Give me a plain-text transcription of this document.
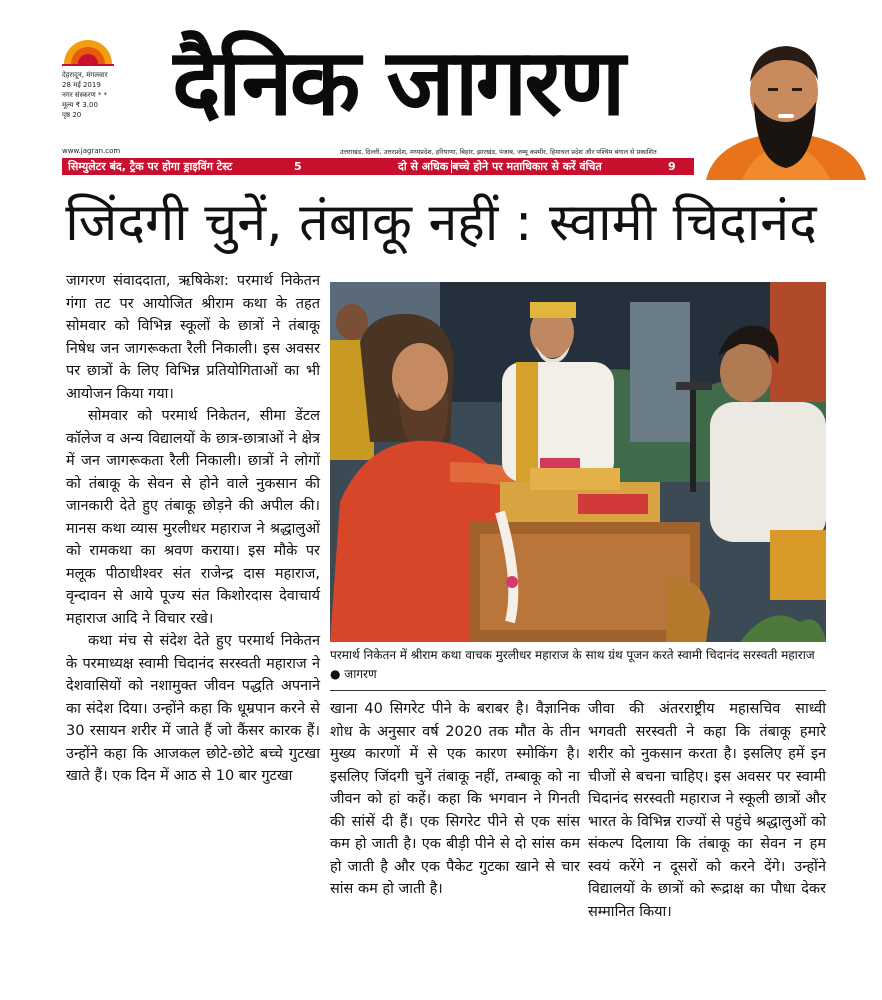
देहरादून, मंगलवार
28 मई 2019
नगर संस्करण * *
मूल्य ₹ 3.00
पृष्ठ 20 दैनिक जागरण
www.jagran.com	उत्तराखंड, दिल्ली, उत्तरप्रदेश, मध्यप्रदेश, हरियाणा, बिहार, झारखंड, पंजाब, जम्मू कश्मीर, हिमाचल प्रदेश और पश्चिम बंगाल से प्रकाशित
सिम्युलेटर बंद, ट्रैक पर होगा ड्राइविंग टेस्ट	5	दो से अधिक बच्चे होने पर मताधिकार से करें वंचित	9
जिंदगी चुनें, तंबाकू नहीं : स्वामी चिदानंद

जागरण संवाददाता, ऋषिकेश: परमार्थ निकेतन गंगा तट पर आयोजित श्रीराम कथा के तहत सोमवार को विभिन्न स्कूलों के छात्रों ने तंबाकू निषेध जन जागरूकता रैली निकाली। इस अवसर पर छात्रों के लिए विभिन्न प्रतियोगिताओं का भी आयोजन किया गया।

सोमवार को परमार्थ निकेतन, सीमा डेंटल कॉलेज व अन्य विद्यालयों के छात्र-छात्राओं ने क्षेत्र में जन जागरूकता रैली निकाली। छात्रों ने लोगों को तंबाकू के सेवन से होने वाले नुकसान की जानकारी देते हुए तंबाकू छोड़ने की अपील की। मानस कथा व्यास मुरलीधर महाराज ने श्रद्धालुओं को रामकथा का श्रवण कराया। इस मौके पर मलूक पीठाधीश्वर संत राजेन्द्र दास महाराज, वृन्दावन से आये पूज्य संत किशोरदास देवाचार्य महाराज आदि ने विचार रखे।

कथा मंच से संदेश देते हुए परमार्थ निकेतन के परमाध्यक्ष स्वामी चिदानंद सरस्वती महाराज ने देशवासियों को नशामुक्त जीवन पद्धति अपनाने का संदेश दिया। उन्होंने कहा कि धूम्रपान करने से 30 रसायन शरीर में जाते हैं जो कैंसर कारक हैं। उन्होंने कहा कि आजकल छोटे-छोटे बच्चे गुटखा खाते हैं। एक दिन में आठ से 10 बार गुटखा

परमार्थ निकेतन में श्रीराम कथा वाचक मुरलीधर महाराज के साथ ग्रंथ पूजन करते स्वामी चिदानंद सरस्वती महाराज ● जागरण

खाना 40 सिगरेट पीने के बराबर है। वैज्ञानिक शोध के अनुसार वर्ष 2020 तक मौत के तीन मुख्य कारणों में से एक कारण स्मोकिंग है। इसलिए जिंदगी चुनें तंबाकू नहीं, तम्बाकू को ना जीवन को हां कहें। कहा कि भगवान ने गिनती की सांसें दी हैं। एक सिगरेट पीने से एक सांस कम हो जाती है। एक बीड़ी पीने से दो सांस कम हो जाती है और एक पैकेट गुटका खाने से चार सांस कम हो जाती है।

जीवा की अंतरराष्ट्रीय महासचिव साध्वी भगवती सरस्वती ने कहा कि तंबाकू हमारे शरीर को नुकसान करता है। इसलिए हमें इन चीजों से बचना चाहिए। इस अवसर पर स्वामी चिदानंद सरस्वती महाराज ने स्कूली छात्रों और भारत के विभिन्न राज्यों से पहुंचे श्रद्धालुओं को संकल्प दिलाया कि तंबाकू का सेवन न हम स्वयं करेंगे न दूसरों को करने देंगे। उन्होंने विद्यालयों के छात्रों को रूद्राक्ष का पौधा देकर सम्मानित किया।
